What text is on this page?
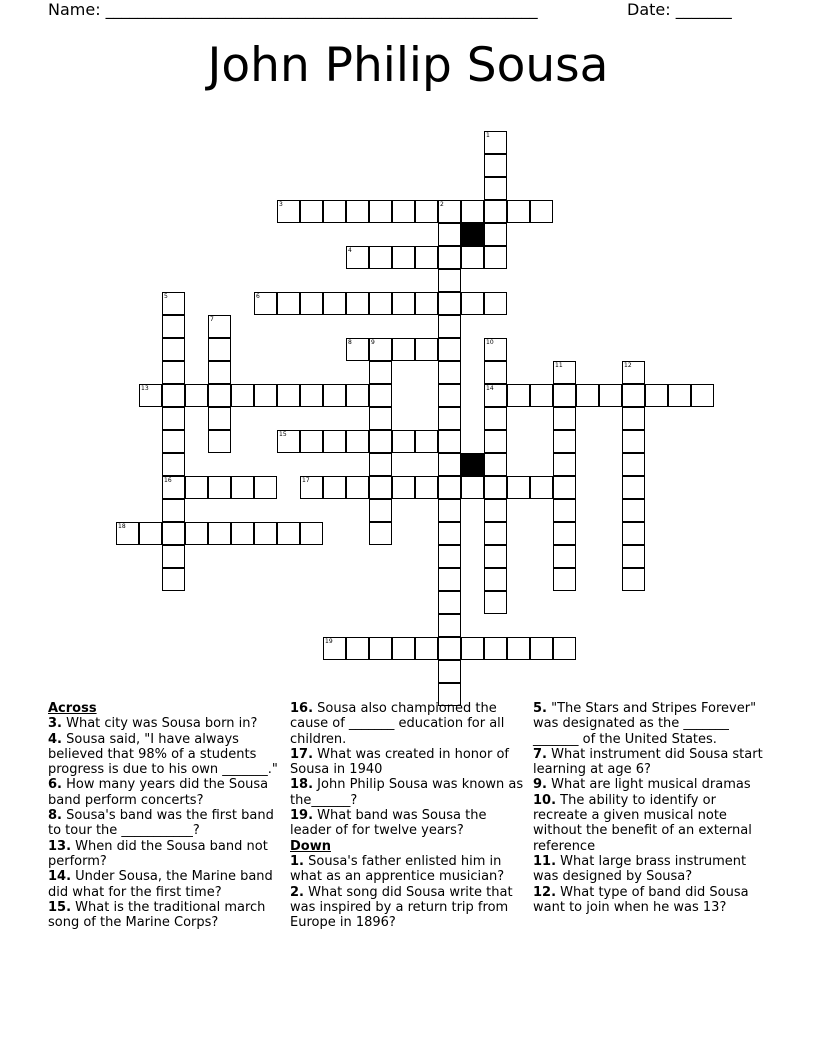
Name: ______________________________________________________	Date: _______
John Philip Sousa
3	2
4
6
8	9
13	14
15
16	17
18
19
1
5
7
10
11	12
Across
3. What city was Sousa born in?
4. Sousa said, "I have always believed that 98% of a students progress is due to his own _______."
6. How many years did the Sousa band perform concerts?
8. Sousa's band was the first band to tour the ___________?
13. When did the Sousa band not perform?
14. Under Sousa, the Marine band did what for the first time?
15. What is the traditional march song of the Marine Corps?
16. Sousa also championed the cause of _______ education for all children.
17. What was created in honor of Sousa in 1940
18. John Philip Sousa was known as the______?
19. What band was Sousa the leader of for twelve years?
Down
1. Sousa's father enlisted him in what as an apprentice musician?
2. What song did Sousa write that was inspired by a return trip from Europe in 1896?
5. "The Stars and Stripes Forever" was designated as the _______ _______ of the United States.
7. What instrument did Sousa start learning at age 6?
9. What are light musical dramas
10. The ability to identify or recreate a given musical note without the benefit of an external reference
11. What large brass instrument was designed by Sousa?
12. What type of band did Sousa want to join when he was 13?
